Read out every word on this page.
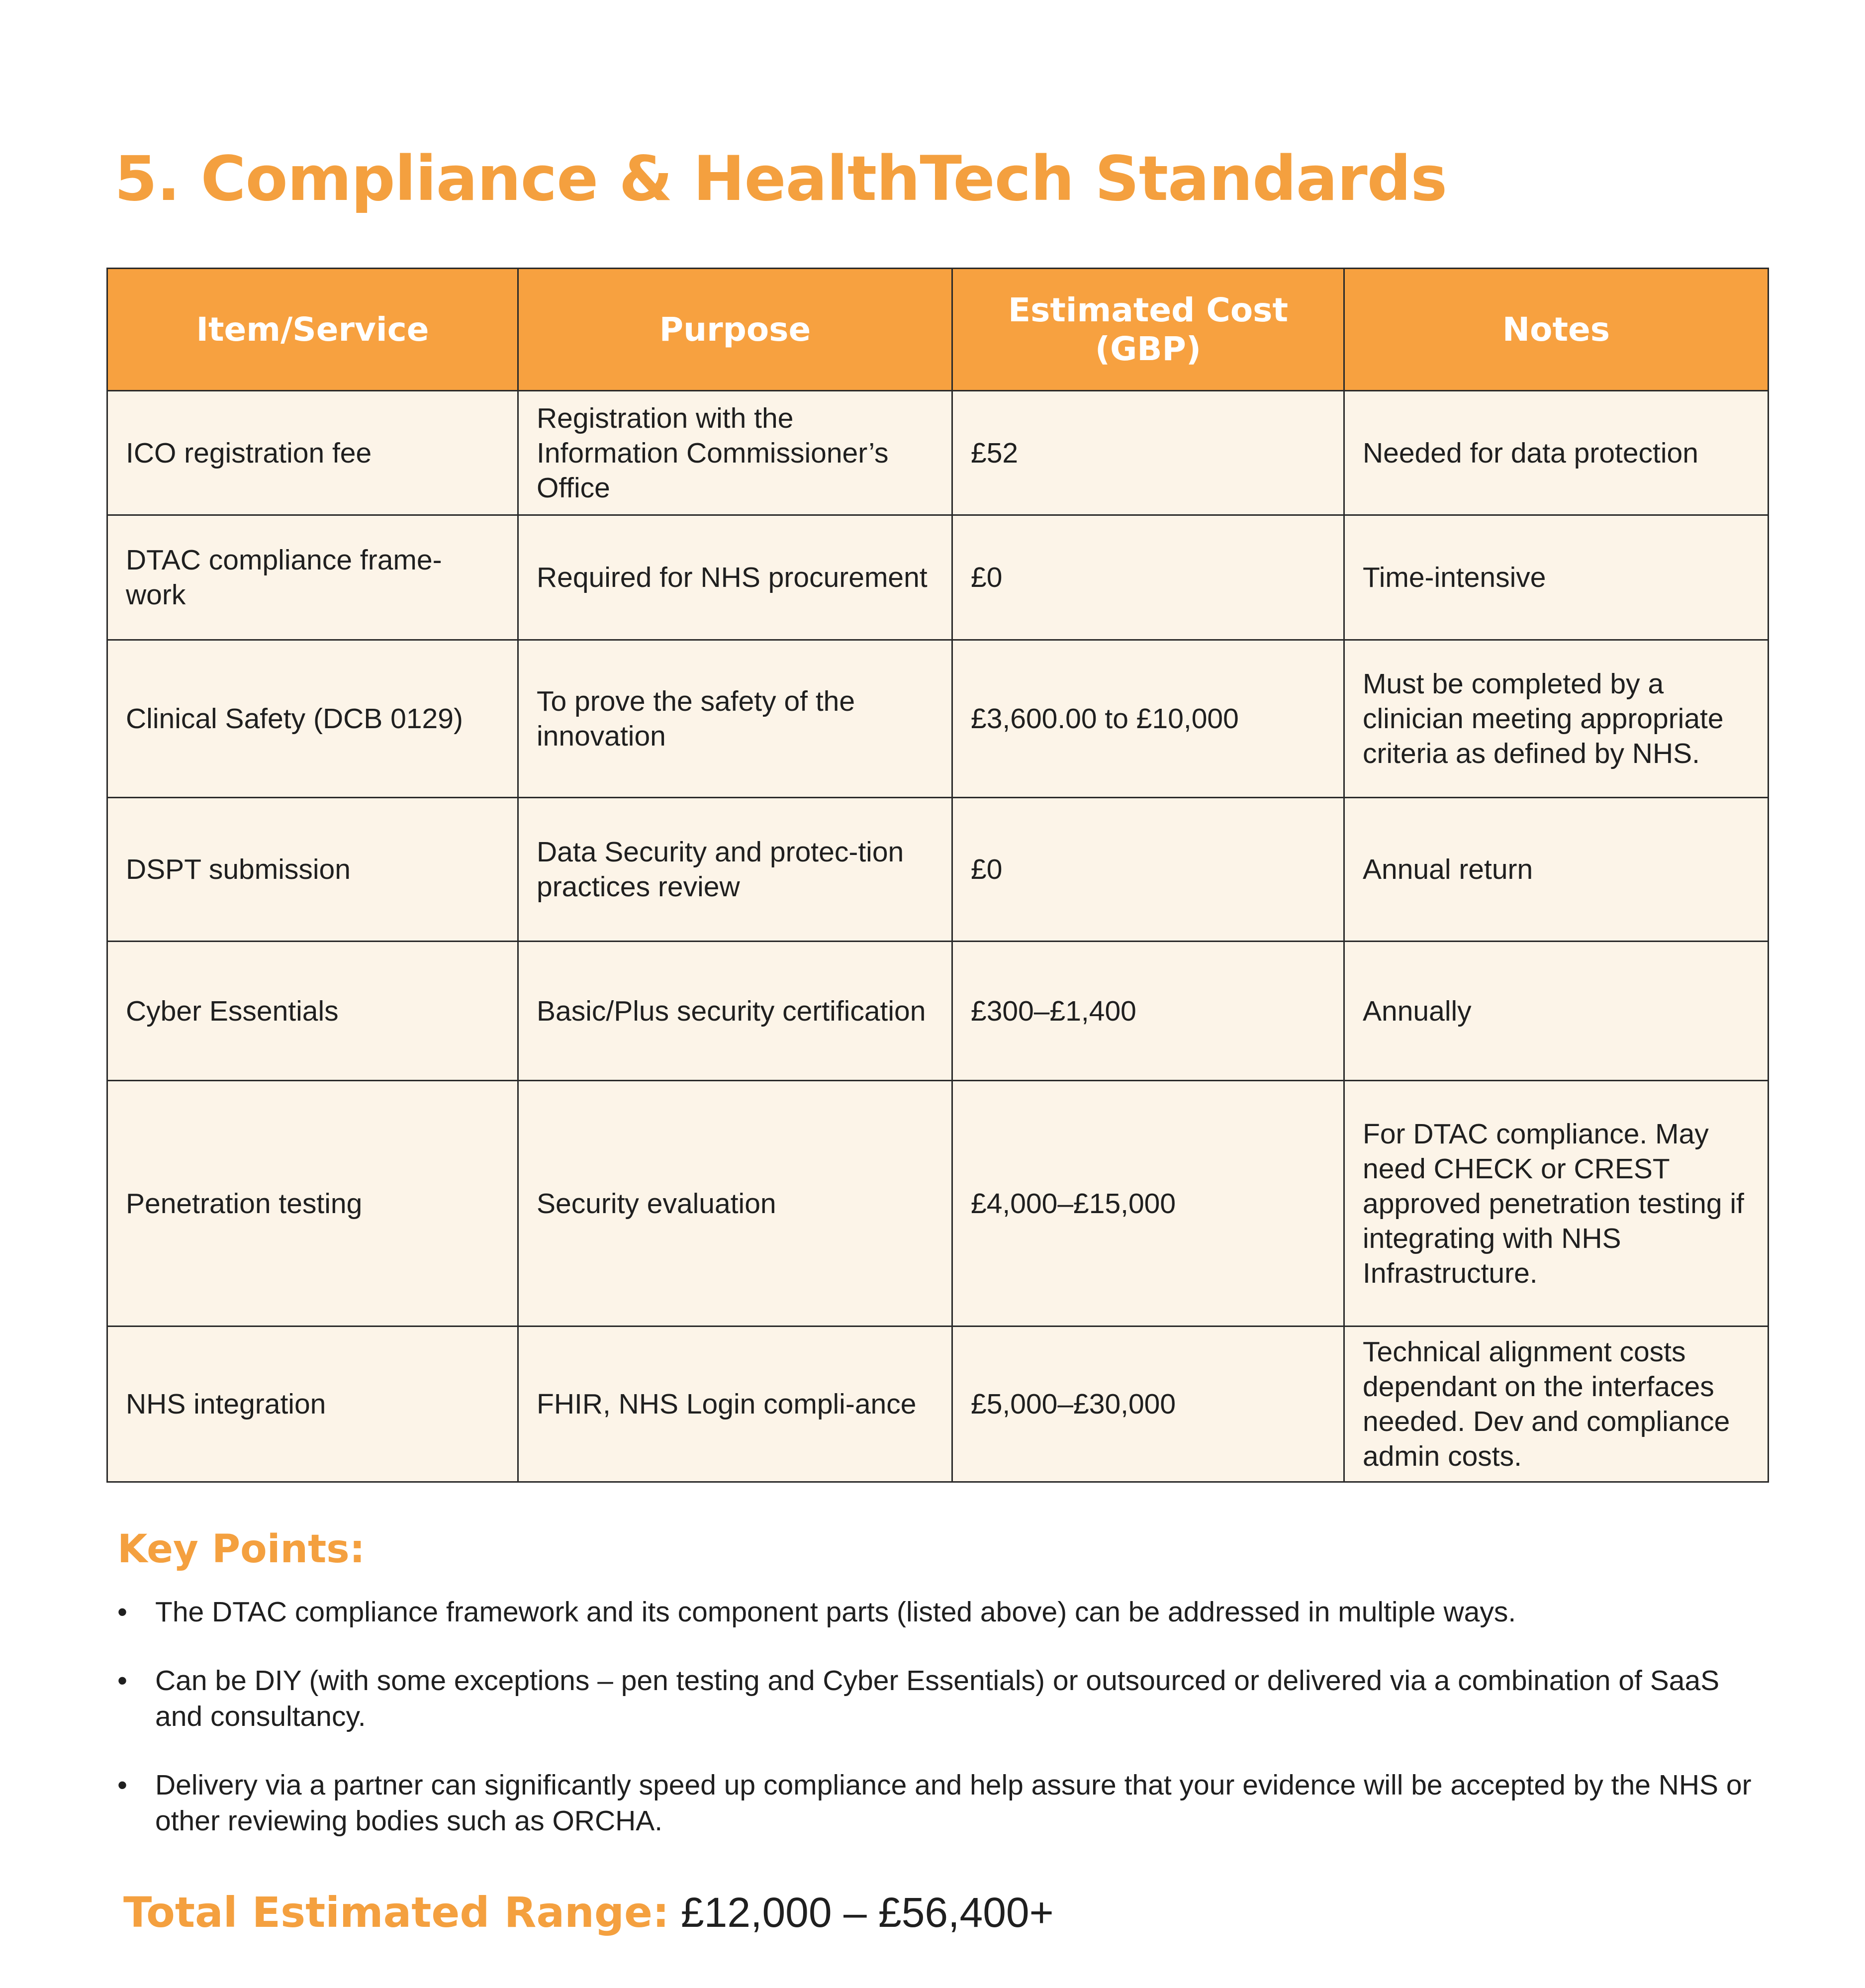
5. Compliance & HealthTech Standards
Item/Service	Purpose	Estimated Cost (GBP)	Notes
ICO registration fee	Registration with the Information Commissioner’s Office	£52	Needed for data protection
DTAC compliance frame-work	Required for NHS procurement	£0	Time-intensive
Clinical Safety (DCB 0129)	To prove the safety of the innovation	£3,600.00 to £10,000	Must be completed by a clinician meeting appropriate criteria as defined by NHS.
DSPT submission	Data Security and protec-tion practices review	£0	Annual return
Cyber Essentials	Basic/Plus security certification	£300–£1,400	Annually
Penetration testing	Security evaluation	£4,000–£15,000	For DTAC compliance. May need CHECK or CREST approved penetration testing if integrating with NHS Infrastructure.
NHS integration	FHIR, NHS Login compli-ance	£5,000–£30,000	Technical alignment costs dependant on the interfaces needed. Dev and compliance admin costs.
Key Points:
• The DTAC compliance framework and its component parts (listed above) can be addressed in multiple ways.
• Can be DIY (with some exceptions – pen testing and Cyber Essentials) or outsourced or delivered via a combination of SaaS and consultancy.
• Delivery via a partner can significantly speed up compliance and help assure that your evidence will be accepted by the NHS or other reviewing bodies such as ORCHA.

Total Estimated Range: £12,000 – £56,400+
